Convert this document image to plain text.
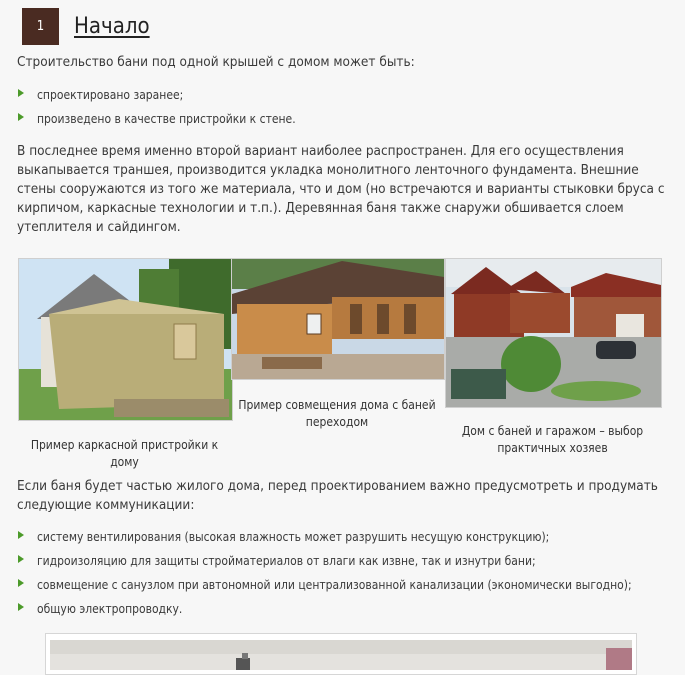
1	Начало
Строительство бани под одной крышей с домом может быть:
спроектировано заранее;
произведено в качестве пристройки к стене.
В последнее время именно второй вариант наиболее распространен. Для его осуществления выкапывается траншея, производится укладка монолитного ленточного фундамента. Внешние стены сооружаются из того же материала, что и дом (но встречаются и варианты стыковки бруса с кирпичом, каркасные технологии и т.п.). Деревянная баня также снаружи обшивается слоем утеплителя и сайдингом.
Пример совмещения дома с баней переходом
Пример каркасной пристройки к дому
Дом с баней и гаражом – выбор практичных хозяев
Если баня будет частью жилого дома, перед проектированием важно предусмотреть и продумать следующие коммуникации:
систему вентилирования (высокая влажность может разрушить несущую конструкцию);
гидроизоляцию для защиты стройматериалов от влаги как извне, так и изнутри бани;
совмещение с санузлом при автономной или централизованной канализации (экономически выгодно);
общую электропроводку.
